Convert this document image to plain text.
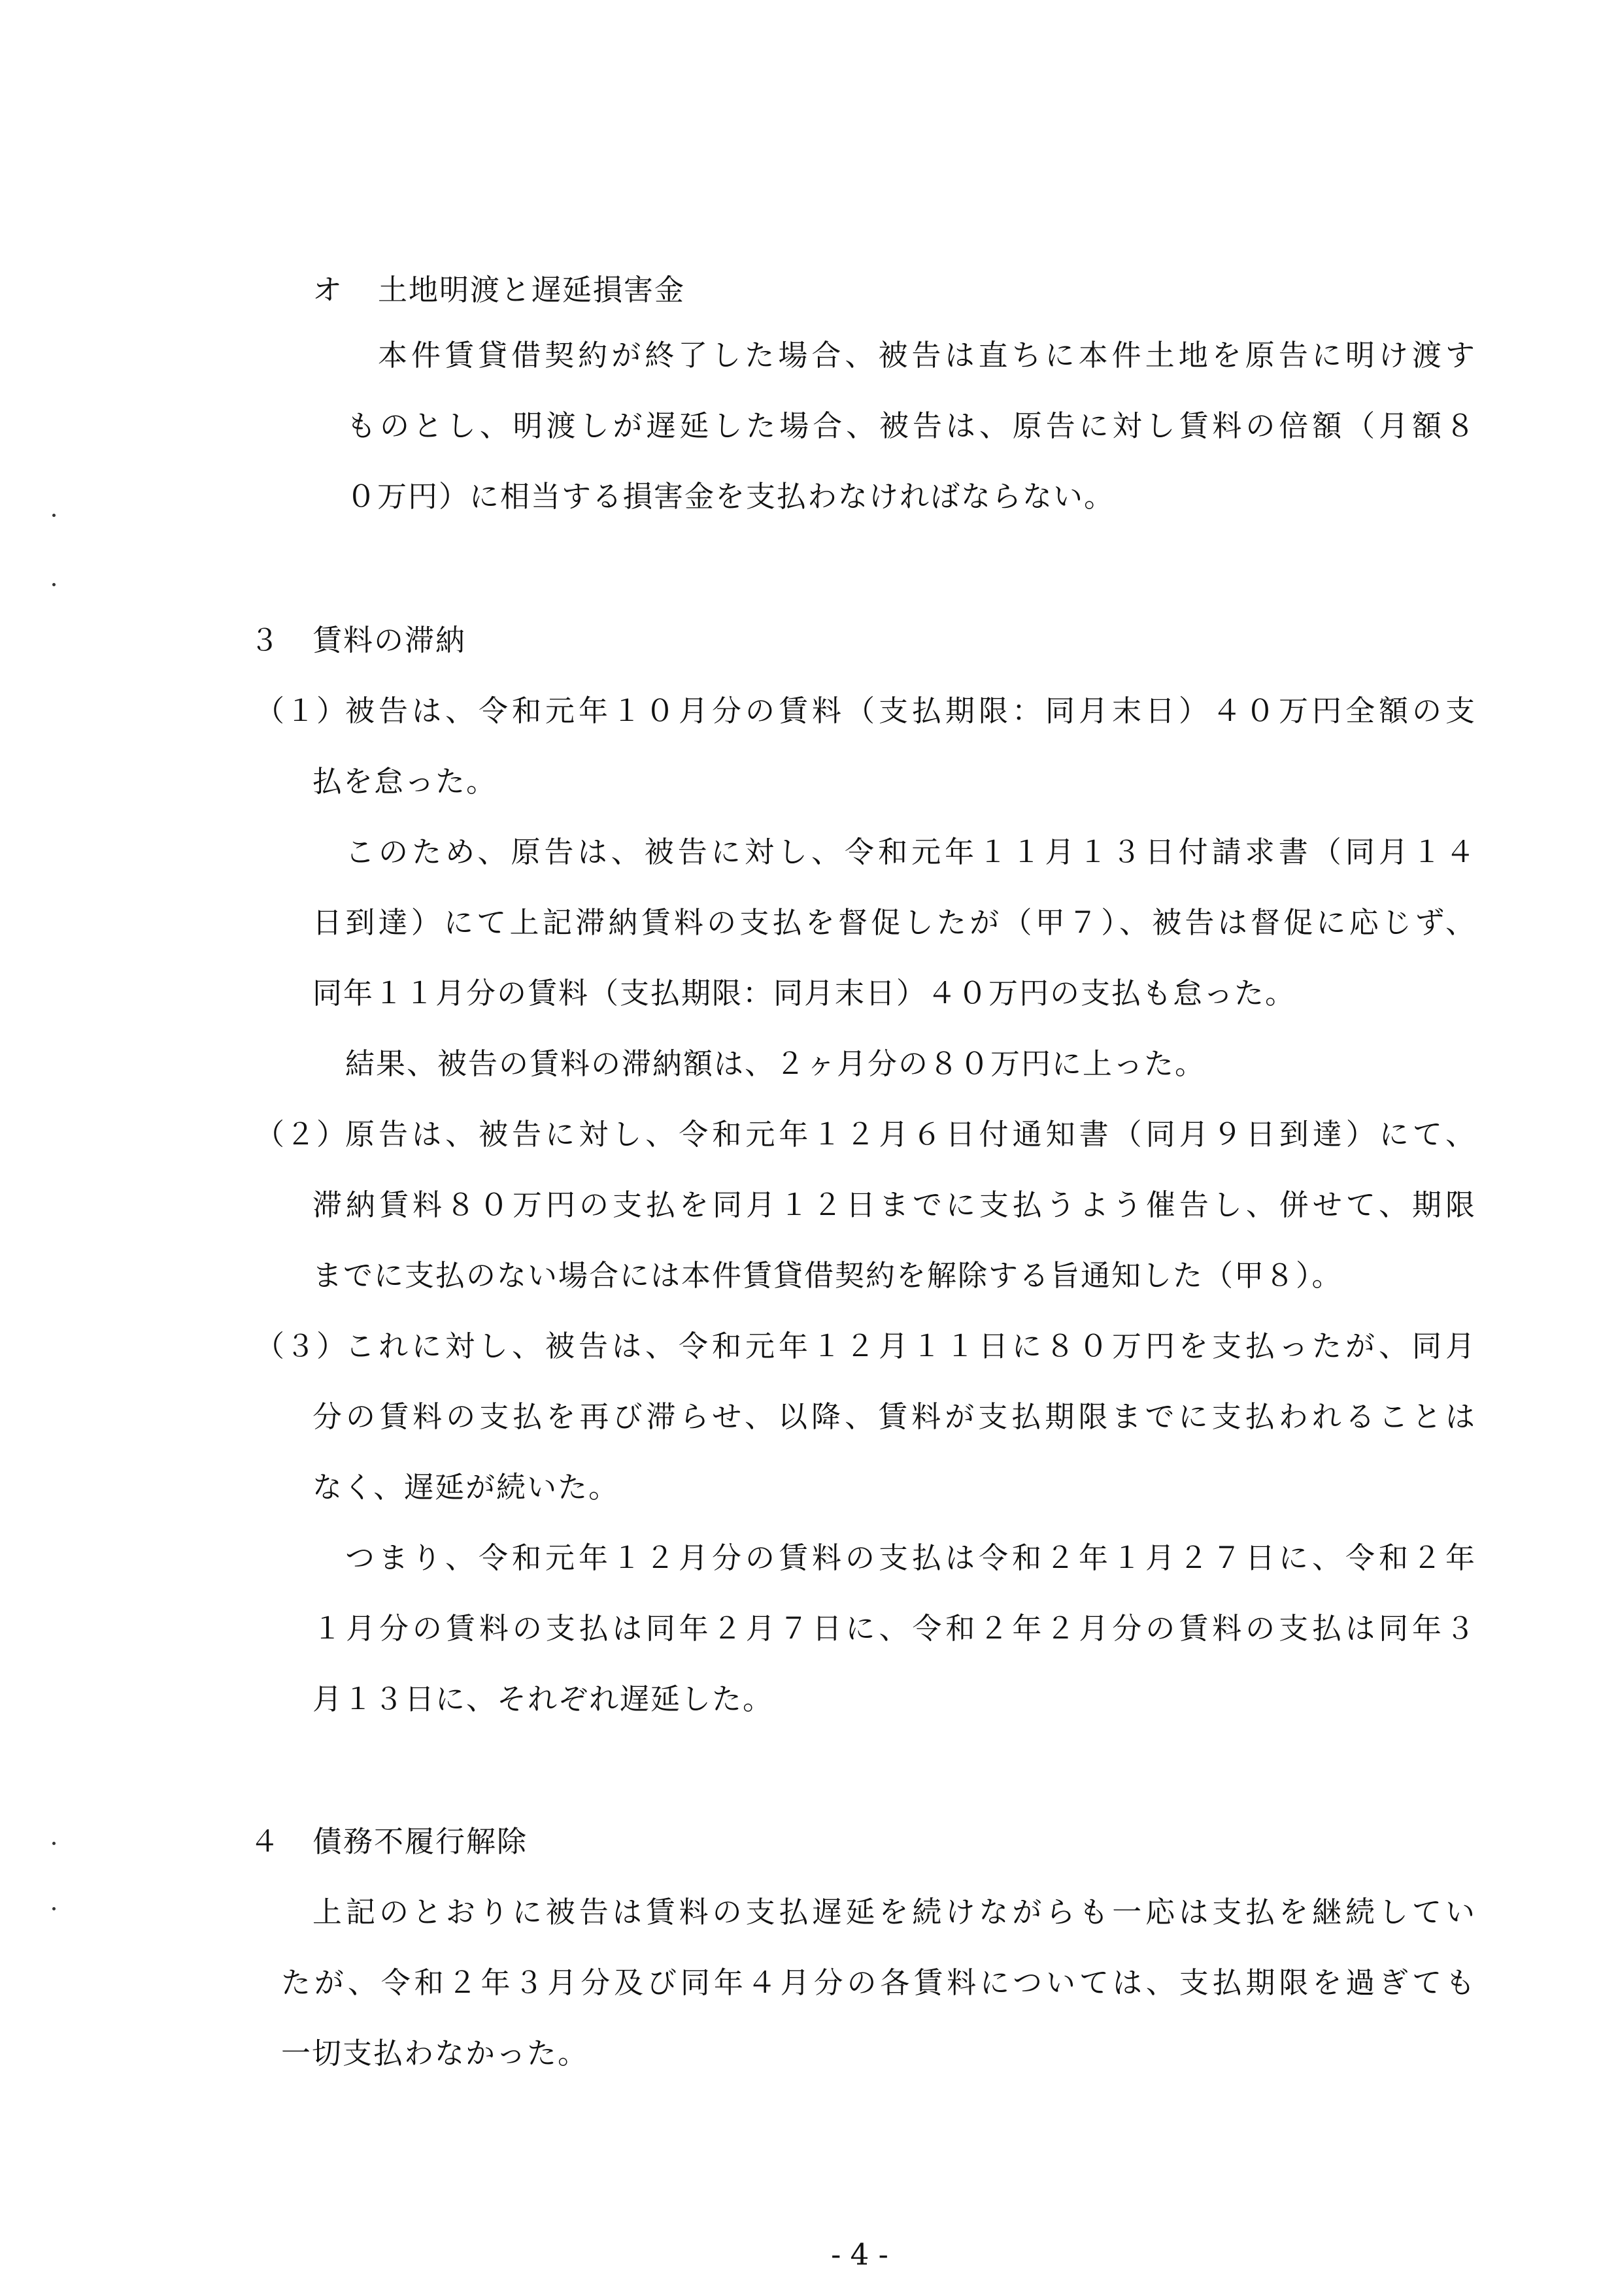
オ 土地明渡と遅延損害金
本件賃貸借契約が終了した場合、被告は直ちに本件土地を原告に明け渡す
ものとし、明渡しが遅延した場合、被告は、原告に対し賃料の倍額（月額８
０万円）に相当する損害金を支払わなければならない。
３ 賃料の滞納
（１）
被告は、令和元年１０月分の賃料（支払期限：同月末日）４０万円全額の支
払を怠った。
このため、原告は、被告に対し、令和元年１１月１３日付請求書（同月１４
日到達）にて上記滞納賃料の支払を督促したが（甲７）、被告は督促に応じず、
同年１１月分の賃料（支払期限：同月末日）４０万円の支払も怠った。
結果、被告の賃料の滞納額は、２ヶ月分の８０万円に上った。
（２）
原告は、被告に対し、令和元年１２月６日付通知書（同月９日到達）にて、
滞納賃料８０万円の支払を同月１２日までに支払うよう催告し、併せて、期限
までに支払のない場合には本件賃貸借契約を解除する旨通知した（甲８）。
（３）
これに対し、被告は、令和元年１２月１１日に８０万円を支払ったが、同月
分の賃料の支払を再び滞らせ、以降、賃料が支払期限までに支払われることは
なく、遅延が続いた。
つまり、令和元年１２月分の賃料の支払は令和２年１月２７日に、令和２年
１月分の賃料の支払は同年２月７日に、令和２年２月分の賃料の支払は同年３
月１３日に、それぞれ遅延した。
４ 債務不履行解除
上記のとおりに被告は賃料の支払遅延を続けながらも一応は支払を継続してい
たが、令和２年３月分及び同年４月分の各賃料については、支払期限を過ぎても
一切支払わなかった。
- 4 -
